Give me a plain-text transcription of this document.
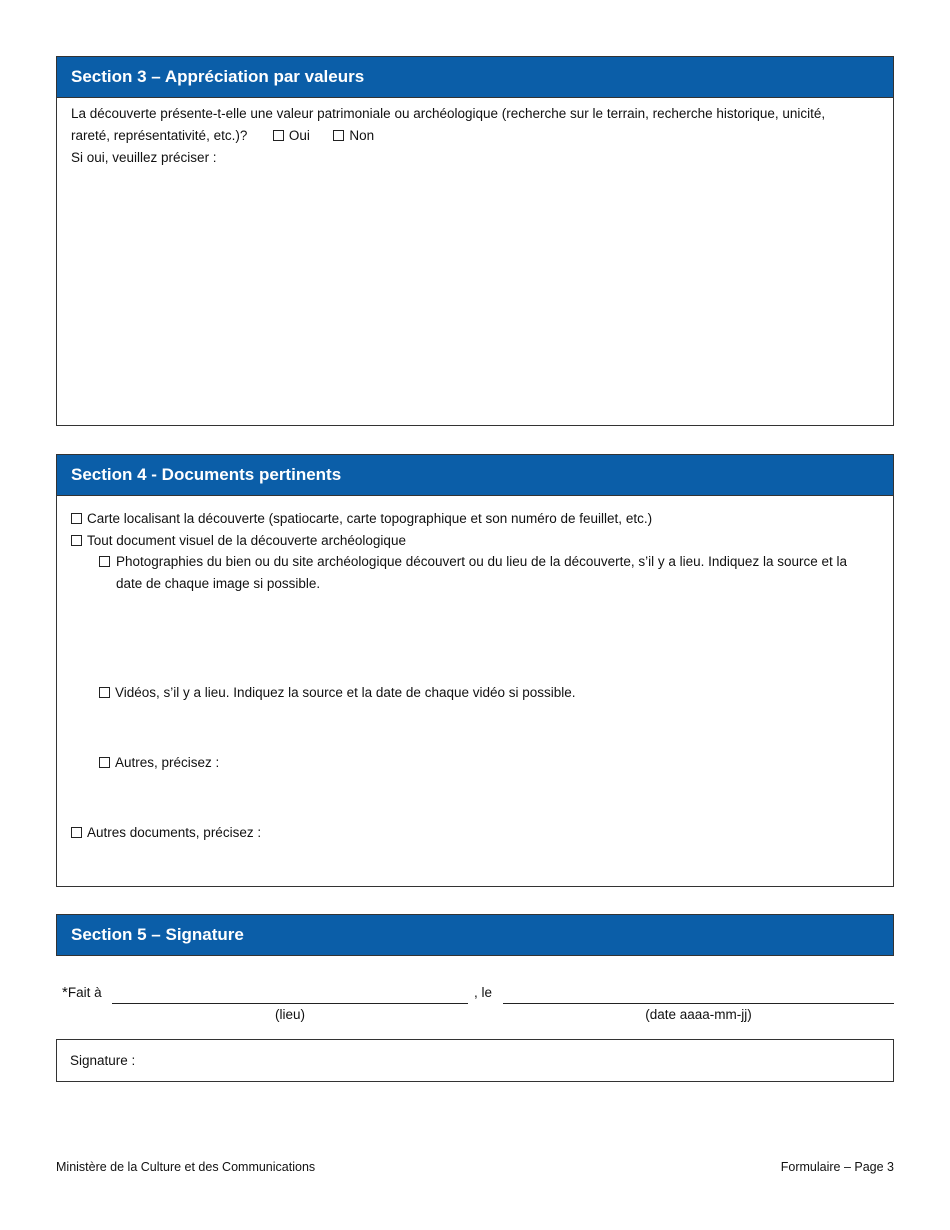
Section 3 – Appréciation par valeurs
La découverte présente-t-elle une valeur patrimoniale ou archéologique (recherche sur le terrain, recherche historique, unicité,
rareté, représentativité, etc.)?	Oui	Non
Si oui, veuillez préciser :
Section 4 - Documents pertinents
Carte localisant la découverte (spatiocarte, carte topographique et son numéro de feuillet, etc.)
Tout document visuel de la découverte archéologique
Photographies du bien ou du site archéologique découvert ou du lieu de la découverte, s’il y a lieu. Indiquez la source et la
date de chaque image si possible.
Vidéos, s’il y a lieu. Indiquez la source et la date de chaque vidéo si possible.
Autres, précisez :
Autres documents, précisez :
Section 5 – Signature
*Fait à	, le
(lieu)	(date aaaa-mm-jj)
Signature :
Ministère de la Culture et des Communications	Formulaire – Page 3
